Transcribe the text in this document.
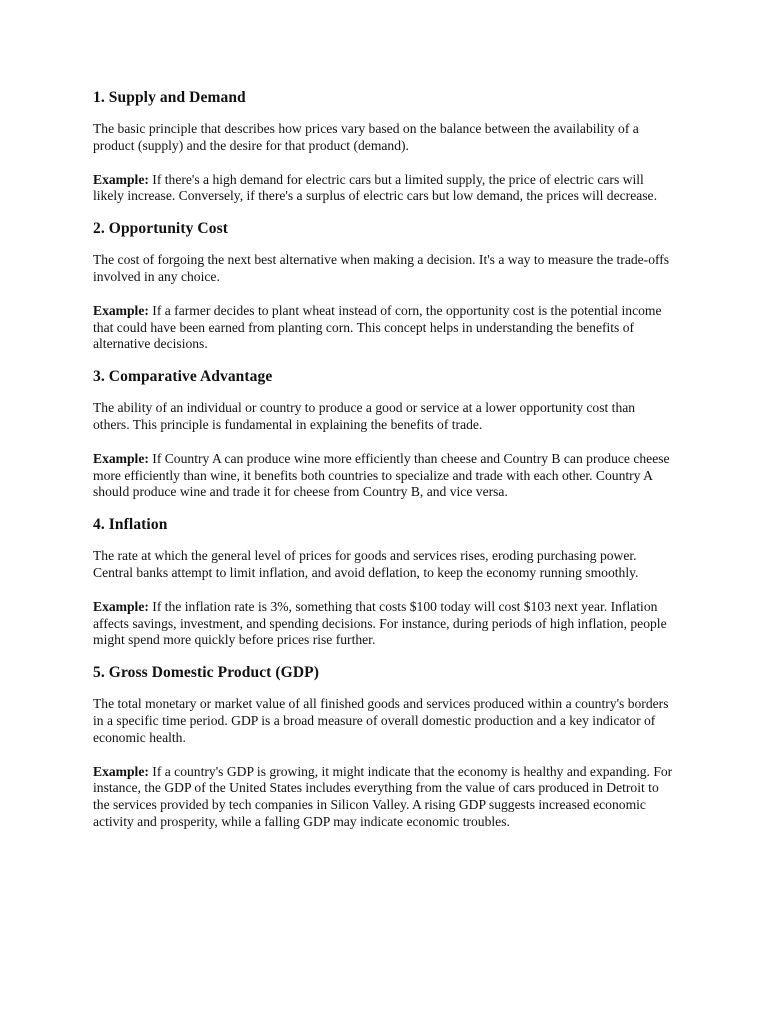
1. Supply and Demand

The basic principle that describes how prices vary based on the balance between the availability of a product (supply) and the desire for that product (demand).

Example: If there's a high demand for electric cars but a limited supply, the price of electric cars will likely increase. Conversely, if there's a surplus of electric cars but low demand, the prices will decrease.

2. Opportunity Cost

The cost of forgoing the next best alternative when making a decision. It's a way to measure the trade-offs involved in any choice.

Example: If a farmer decides to plant wheat instead of corn, the opportunity cost is the potential income that could have been earned from planting corn. This concept helps in understanding the benefits of alternative decisions.

3. Comparative Advantage

The ability of an individual or country to produce a good or service at a lower opportunity cost than others. This principle is fundamental in explaining the benefits of trade.

Example: If Country A can produce wine more efficiently than cheese and Country B can produce cheese more efficiently than wine, it benefits both countries to specialize and trade with each other. Country A should produce wine and trade it for cheese from Country B, and vice versa.

4. Inflation

The rate at which the general level of prices for goods and services rises, eroding purchasing power. Central banks attempt to limit inflation, and avoid deflation, to keep the economy running smoothly.

Example: If the inflation rate is 3%, something that costs $100 today will cost $103 next year. Inflation affects savings, investment, and spending decisions. For instance, during periods of high inflation, people might spend more quickly before prices rise further.

5. Gross Domestic Product (GDP)

The total monetary or market value of all finished goods and services produced within a country's borders in a specific time period. GDP is a broad measure of overall domestic production and a key indicator of economic health.

Example: If a country's GDP is growing, it might indicate that the economy is healthy and expanding. For instance, the GDP of the United States includes everything from the value of cars produced in Detroit to the services provided by tech companies in Silicon Valley. A rising GDP suggests increased economic activity and prosperity, while a falling GDP may indicate economic troubles.
